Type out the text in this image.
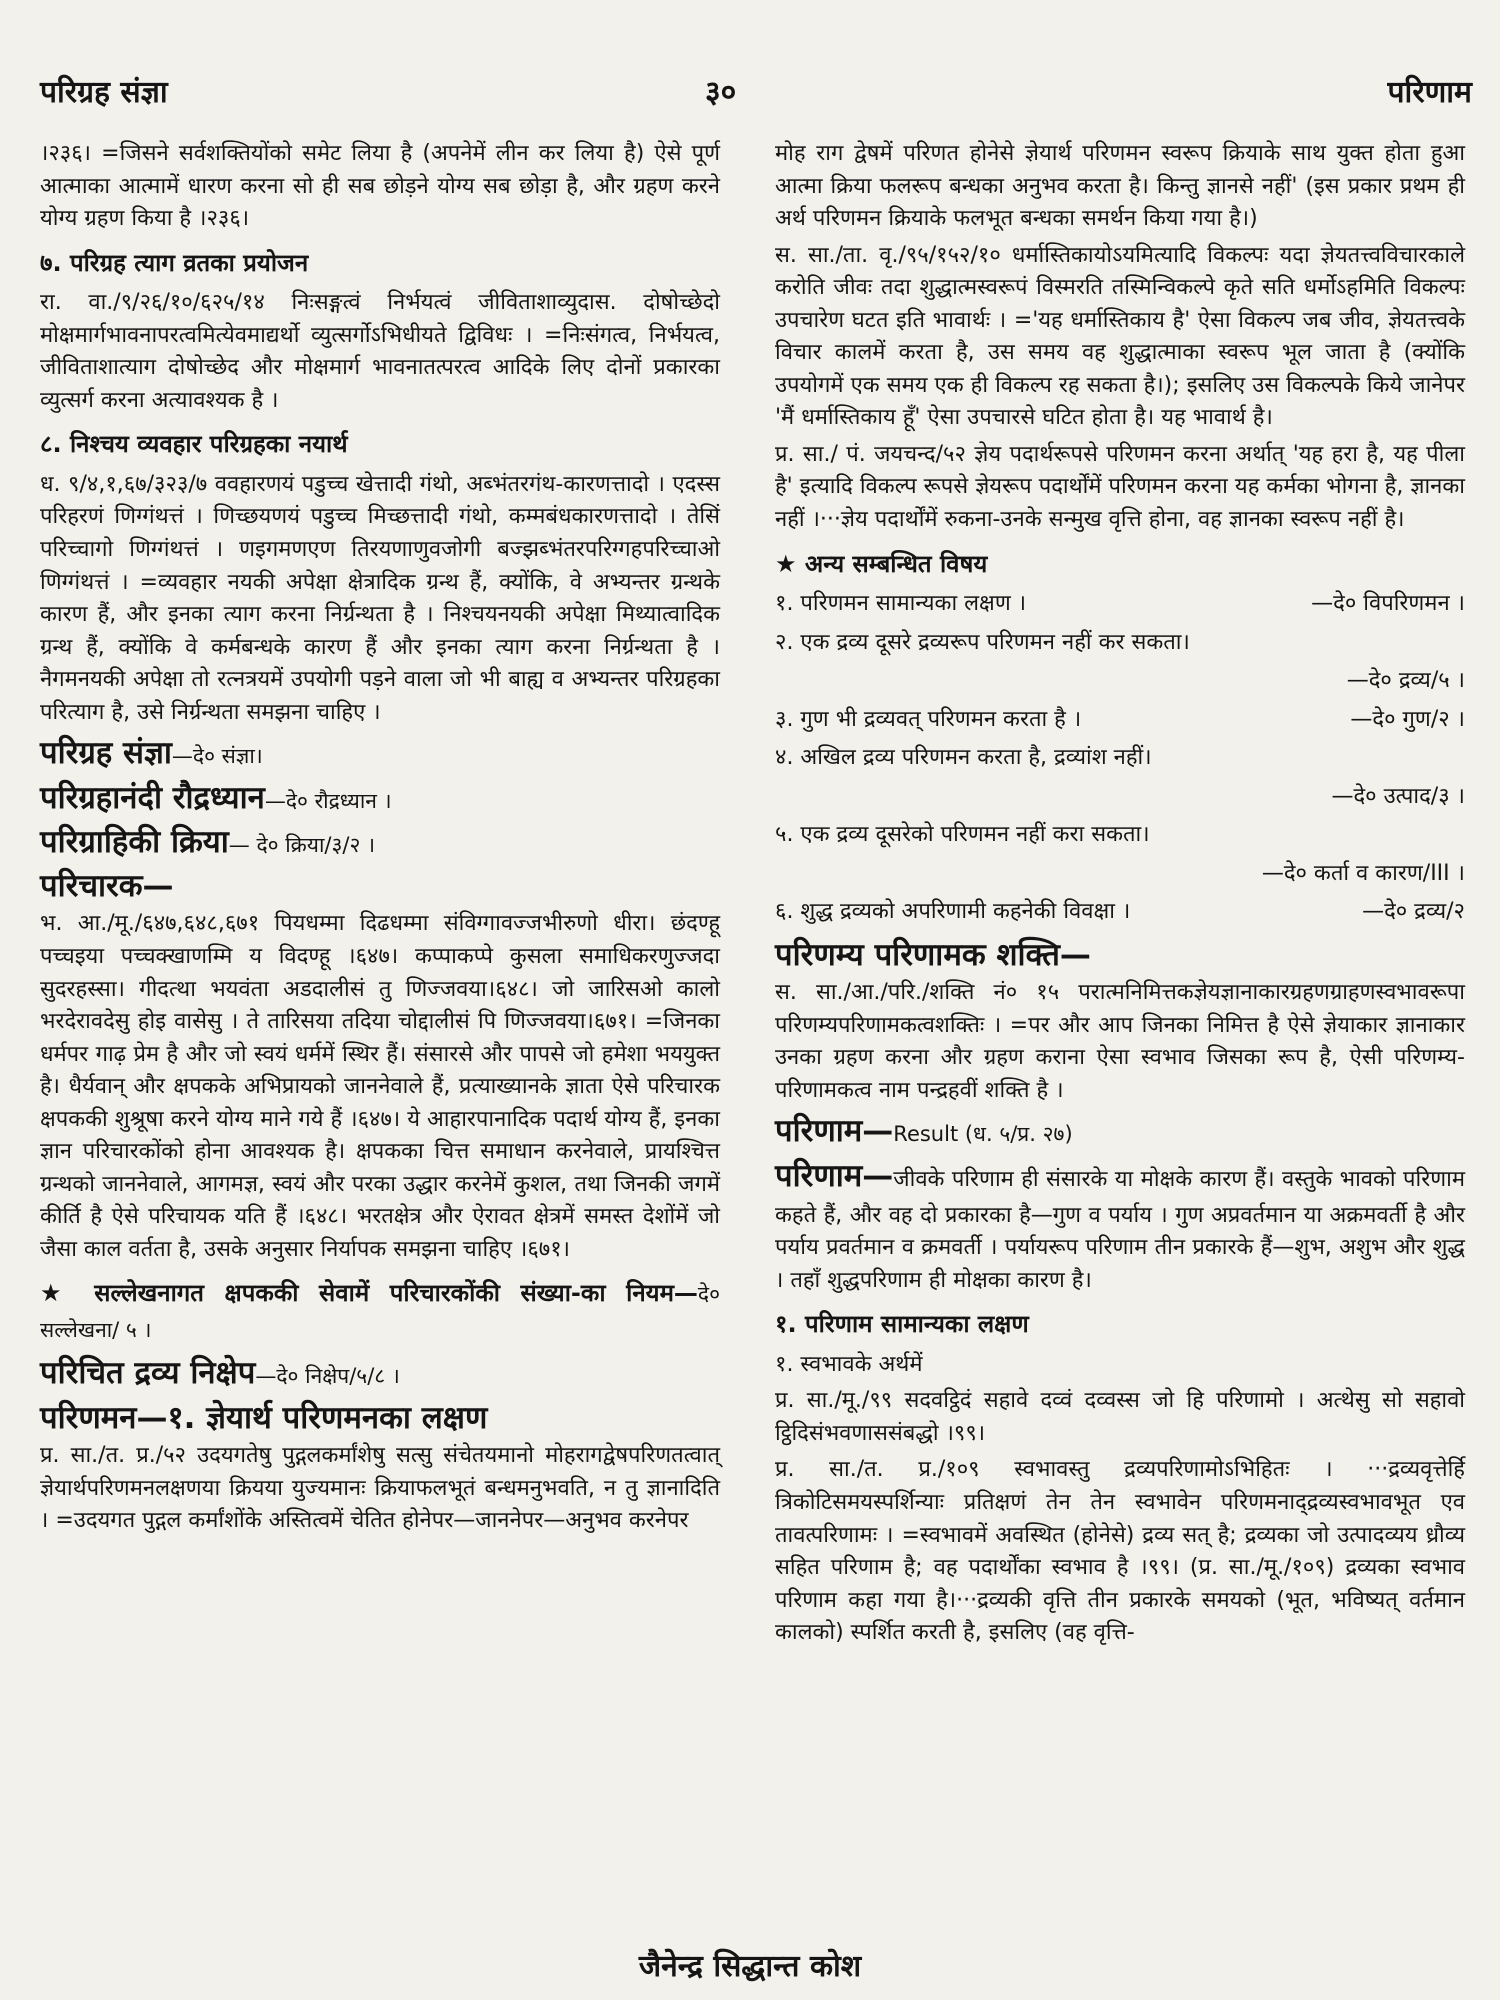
परिग्रह संज्ञा	३०	परिणाम

।२३६। =जिसने सर्वशक्तियोंको समेट लिया है (अपनेमें लीन कर लिया है) ऐसे पूर्ण आत्माका आत्मामें धारण करना सो ही सब छोड़ने योग्य सब छोड़ा है, और ग्रहण करने योग्य ग्रहण किया है ।२३६।

७. परिग्रह त्याग व्रतका प्रयोजन

रा. वा./९/२६/१०/६२५/१४ निःसङ्गत्वं निर्भयत्वं जीविताशाव्युदास. दोषोच्छेदो मोक्षमार्गभावनापरत्वमित्येवमाद्यर्थो व्युत्सर्गोऽभिधीयते द्विविधः । =निःसंगत्व, निर्भयत्व, जीविताशात्याग दोषोच्छेद और मोक्षमार्ग भावनातत्परत्व आदिके लिए दोनों प्रकारका व्युत्सर्ग करना अत्यावश्यक है ।

८. निश्चय व्यवहार परिग्रहका नयार्थ

ध. ९/४,१,६७/३२३/७ ववहारणयं पडुच्च खेत्तादी गंथो, अब्भंतरगंथ-कारणत्तादो । एदस्स परिहरणं णिग्गंथत्तं । णिच्छयणयं पडुच्च मिच्छत्तादी गंथो, कम्मबंधकारणत्तादो । तेसिं परिच्चागो णिग्गंथत्तं । णइगमणएण तिरयणाणुवजोगी बज्झब्भंतरपरिग्गहपरिच्चाओ णिग्गंथत्तं । =व्यवहार नयकी अपेक्षा क्षेत्रादिक ग्रन्थ हैं, क्योंकि, वे अभ्यन्तर ग्रन्थके कारण हैं, और इनका त्याग करना निर्ग्रन्थता है । निश्चयनयकी अपेक्षा मिथ्यात्वादिक ग्रन्थ हैं, क्योंकि वे कर्मबन्धके कारण हैं और इनका त्याग करना निर्ग्रन्थता है । नैगमनयकी अपेक्षा तो रत्नत्रयमें उपयोगी पड़ने वाला जो भी बाह्य व अभ्यन्तर परिग्रहका परित्याग है, उसे निर्ग्रन्थता समझना चाहिए ।

परिग्रह संज्ञा—दे० संज्ञा।
परिग्रहानंदी रौद्रध्यान—दे० रौद्रध्यान ।
परिग्राहिकी क्रिया— दे० क्रिया/३/२ ।
परिचारक—

भ. आ./मू./६४७,६४८,६७१ पियधम्मा दिढधम्मा संविग्गावज्जभीरुणो धीरा। छंदण्हू पच्चइया पच्चक्खाणम्मि य विदण्हू ।६४७। कप्पाकप्पे कुसला समाधिकरणुज्जदा सुदरहस्सा। गीदत्था भयवंता अडदालीसं तु णिज्जवया।६४८। जो जारिसओ कालो भरदेरावदेसु होइ वासेसु । ते तारिसया तदिया चोद्दालीसं पि णिज्जवया।६७१। =जिनका धर्मपर गाढ़ प्रेम है और जो स्वयं धर्ममें स्थिर हैं। संसारसे और पापसे जो हमेशा भययुक्त है। धैर्यवान् और क्षपकके अभिप्रायको जाननेवाले हैं, प्रत्याख्यानके ज्ञाता ऐसे परिचारक क्षपककी शुश्रूषा करने योग्य माने गये हैं ।६४७। ये आहारपानादिक पदार्थ योग्य हैं, इनका ज्ञान परिचारकोंको होना आवश्यक है। क्षपकका चित्त समाधान करनेवाले, प्रायश्चित्त ग्रन्थको जाननेवाले, आगमज्ञ, स्वयं और परका उद्धार करनेमें कुशल, तथा जिनकी जगमें कीर्ति है ऐसे परिचायक यति हैं ।६४८। भरतक्षेत्र और ऐरावत क्षेत्रमें समस्त देशोंमें जो जैसा काल वर्तता है, उसके अनुसार निर्यापक समझना चाहिए ।६७१।

★ सल्लेखनागत क्षपककी सेवामें परिचारकोंकी संख्या-का नियम—दे० सल्लेखना/ ५ ।
परिचित द्रव्य निक्षेप—दे० निक्षेप/५/८ ।
परिणमन—१. ज्ञेयार्थ परिणमनका लक्षण

प्र. सा./त. प्र./५२ उदयगतेषु पुद्गलकर्मांशेषु सत्सु संचेतयमानो मोहरागद्वेषपरिणतत्वात् ज्ञेयार्थपरिणमनलक्षणया क्रियया युज्यमानः क्रियाफलभूतं बन्धमनुभवति, न तु ज्ञानादिति । =उदयगत पुद्गल कर्मांशोंके अस्तित्वमें चेतित होनेपर—जाननेपर—अनुभव करनेपर

मोह राग द्वेषमें परिणत होनेसे ज्ञेयार्थ परिणमन स्वरूप क्रियाके साथ युक्त होता हुआ आत्मा क्रिया फलरूप बन्धका अनुभव करता है। किन्तु ज्ञानसे नहीं' (इस प्रकार प्रथम ही अर्थ परिणमन क्रियाके फलभूत बन्धका समर्थन किया गया है।)

स. सा./ता. वृ./९५/१५२/१० धर्मास्तिकायोऽयमित्यादि विकल्पः यदा ज्ञेयतत्त्वविचारकाले करोति जीवः तदा शुद्धात्मस्वरूपं विस्मरति तस्मिन्विकल्पे कृते सति धर्मोऽहमिति विकल्पः उपचारेण घटत इति भावार्थः । ='यह धर्मास्तिकाय है' ऐसा विकल्प जब जीव, ज्ञेयतत्त्वके विचार कालमें करता है, उस समय वह शुद्धात्माका स्वरूप भूल जाता है (क्योंकि उपयोगमें एक समय एक ही विकल्प रह सकता है।); इसलिए उस विकल्पके किये जानेपर 'मैं धर्मास्तिकाय हूँ' ऐसा उपचारसे घटित होता है। यह भावार्थ है।

प्र. सा./ पं. जयचन्द/५२ ज्ञेय पदार्थरूपसे परिणमन करना अर्थात् 'यह हरा है, यह पीला है' इत्यादि विकल्प रूपसे ज्ञेयरूप पदार्थोंमें परिणमन करना यह कर्मका भोगना है, ज्ञानका नहीं ।···ज्ञेय पदार्थोंमें रुकना-उनके सन्मुख वृत्ति होना, वह ज्ञानका स्वरूप नहीं है।

★ अन्य सम्बन्धित विषय
१. परिणमन सामान्यका लक्षण ।	—दे० विपरिणमन ।
२. एक द्रव्य दूसरे द्रव्यरूप परिणमन नहीं कर सकता।
—दे० द्रव्य/५ ।
३. गुण भी द्रव्यवत् परिणमन करता है ।	—दे० गुण/२ ।
४. अखिल द्रव्य परिणमन करता है, द्रव्यांश नहीं।
—दे० उत्पाद/३ ।
५. एक द्रव्य दूसरेको परिणमन नहीं करा सकता।
—दे० कर्ता व कारण/III ।
६. शुद्ध द्रव्यको अपरिणामी कहनेकी विवक्षा ।	—दे० द्रव्य/२
परिणम्य परिणामक शक्ति—

स. सा./आ./परि./शक्ति नं० १५ परात्मनिमित्तकज्ञेयज्ञानाकारग्रहणग्राहणस्वभावरूपा परिणम्यपरिणामकत्वशक्तिः । =पर और आप जिनका निमित्त है ऐसे ज्ञेयाकार ज्ञानाकार उनका ग्रहण करना और ग्रहण कराना ऐसा स्वभाव जिसका रूप है, ऐसी परिणम्य-परिणामकत्व नाम पन्द्रहवीं शक्ति है ।

परिणाम—Result (ध. ५/प्र. २७)

परिणाम—जीवके परिणाम ही संसारके या मोक्षके कारण हैं। वस्तुके भावको परिणाम कहते हैं, और वह दो प्रकारका है—गुण व पर्याय । गुण अप्रवर्तमान या अक्रमवर्ती है और पर्याय प्रवर्तमान व क्रमवर्ती । पर्यायरूप परिणाम तीन प्रकारके हैं—शुभ, अशुभ और शुद्ध । तहाँ शुद्धपरिणाम ही मोक्षका कारण है।

१. परिणाम सामान्यका लक्षण

१. स्वभावके अर्थमें

प्र. सा./मू./९९ सदवट्ठिदं सहावे दव्वं दव्वस्स जो हि परिणामो । अत्थेसु सो सहावो ट्ठिदिसंभवणाससंबद्धो ।९९।

प्र. सा./त. प्र./१०९ स्वभावस्तु द्रव्यपरिणामोऽभिहितः । ···द्रव्यवृत्तेर्हि त्रिकोटिसमयस्पर्शिन्याः प्रतिक्षणं तेन तेन स्वभावेन परिणमनाद्द्रव्यस्वभावभूत एव तावत्परिणामः । =स्वभावमें अवस्थित (होनेसे) द्रव्य सत् है; द्रव्यका जो उत्पादव्यय ध्रौव्य सहित परिणाम है; वह पदार्थोंका स्वभाव है ।९९। (प्र. सा./मू./१०९) द्रव्यका स्वभाव परिणाम कहा गया है।···द्रव्यकी वृत्ति तीन प्रकारके समयको (भूत, भविष्यत् वर्तमान कालको) स्पर्शित करती है, इसलिए (वह वृत्ति-

जैनेन्द्र सिद्धान्त कोश
